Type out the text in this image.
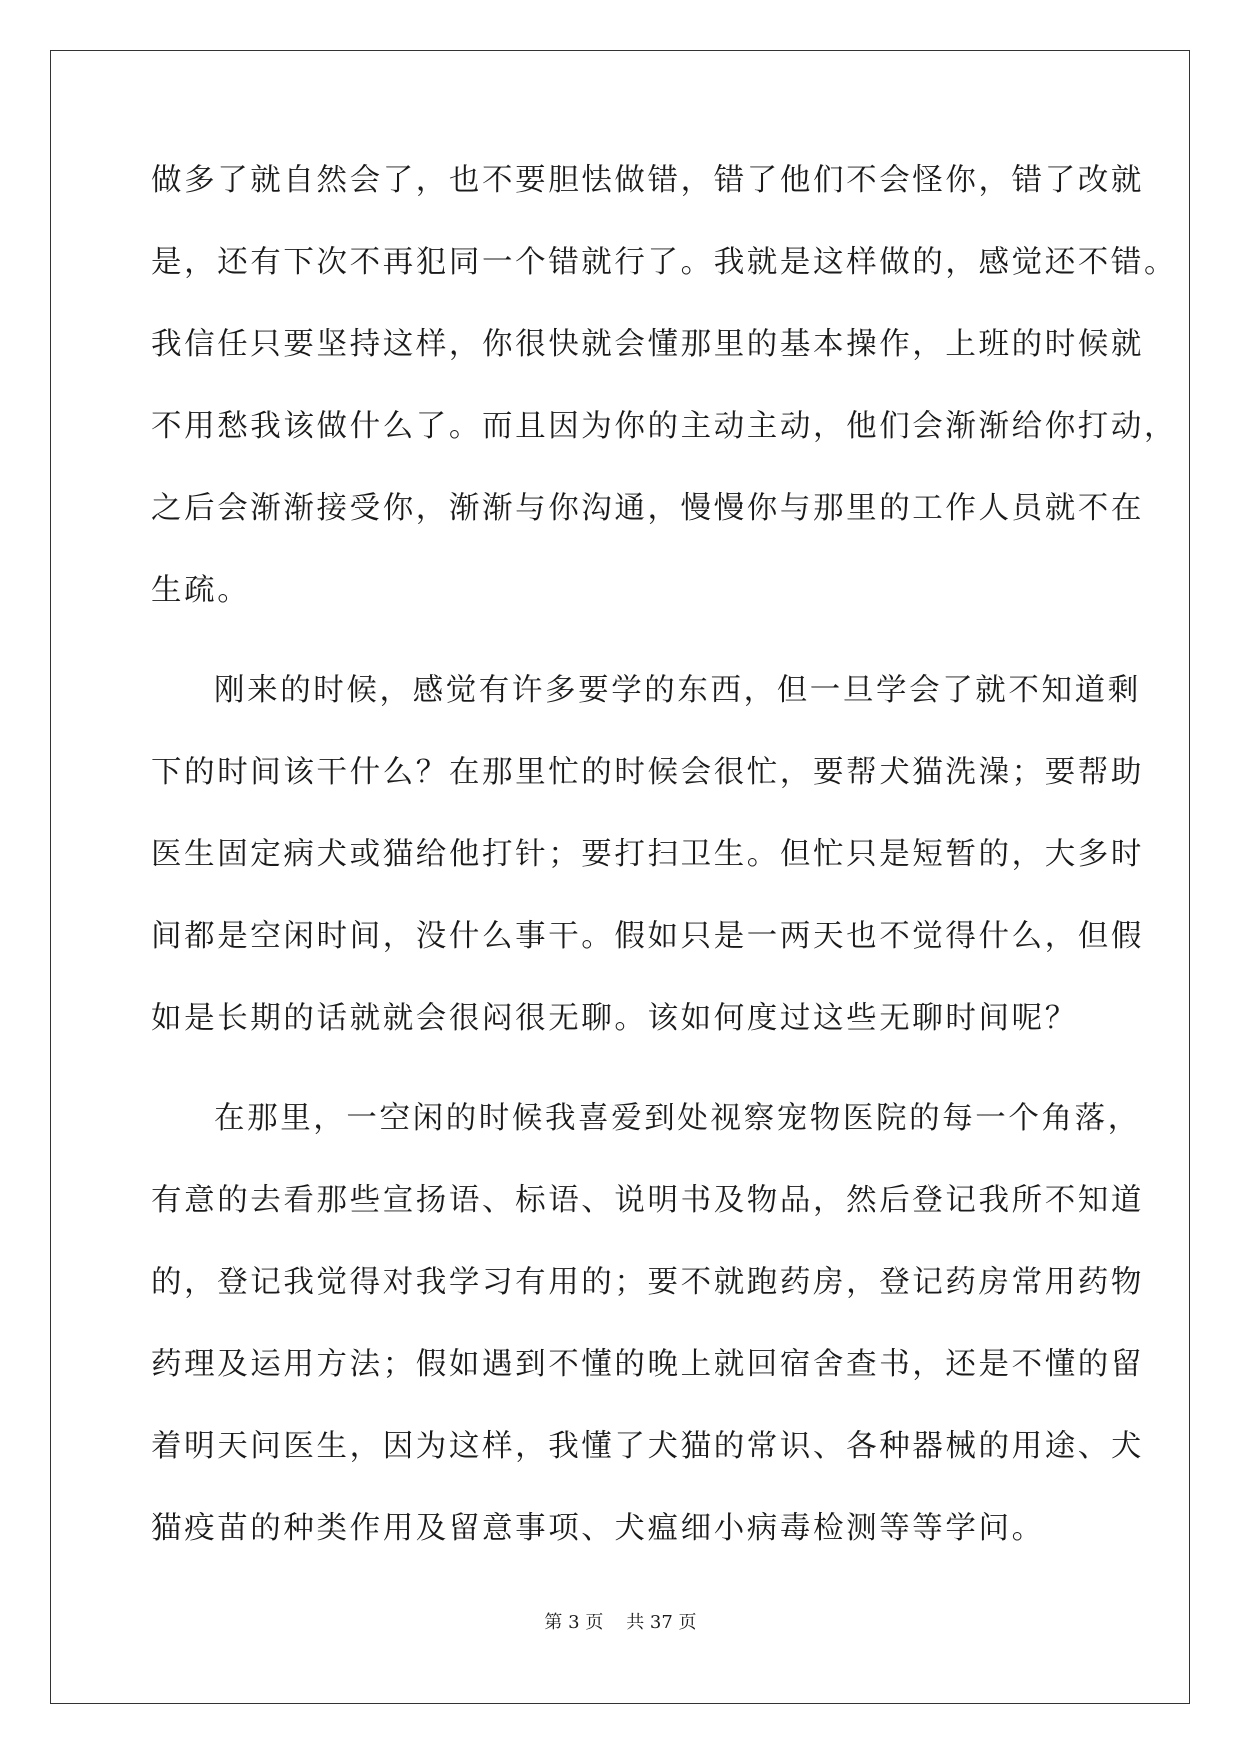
做多了就自然会了，也不要胆怯做错，错了他们不会怪你，错了改就

是，还有下次不再犯同一个错就行了。我就是这样做的，感觉还不错。

我信任只要坚持这样，你很快就会懂那里的基本操作，上班的时候就

不用愁我该做什么了。而且因为你的主动主动，他们会渐渐给你打动，

之后会渐渐接受你，渐渐与你沟通，慢慢你与那里的工作人员就不在

生疏。

刚来的时候，感觉有许多要学的东西，但一旦学会了就不知道剩

下的时间该干什么？在那里忙的时候会很忙，要帮犬猫洗澡；要帮助

医生固定病犬或猫给他打针；要打扫卫生。但忙只是短暂的，大多时

间都是空闲时间，没什么事干。假如只是一两天也不觉得什么，但假

如是长期的话就就会很闷很无聊。该如何度过这些无聊时间呢？

在那里，一空闲的时候我喜爱到处视察宠物医院的每一个角落，

有意的去看那些宣扬语、标语、说明书及物品，然后登记我所不知道

的，登记我觉得对我学习有用的；要不就跑药房，登记药房常用药物

药理及运用方法；假如遇到不懂的晚上就回宿舍查书，还是不懂的留

着明天问医生，因为这样，我懂了犬猫的常识、各种器械的用途、犬

猫疫苗的种类作用及留意事项、犬瘟细小病毒检测等等学问。

第 3 页    共 37 页
